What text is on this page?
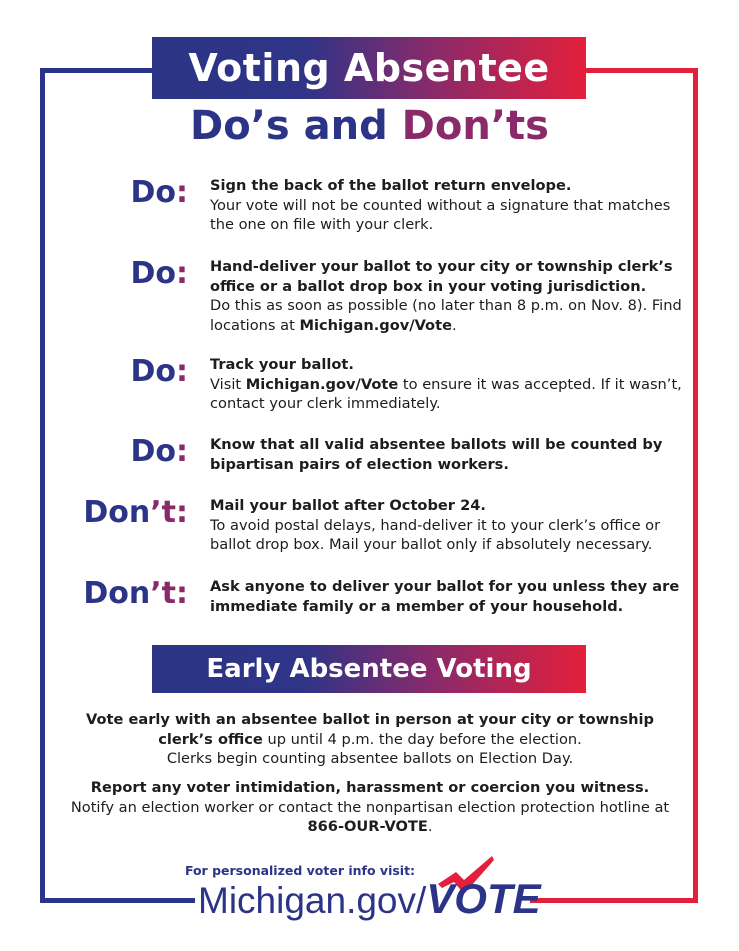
Voting Absentee
Do’s and Don’ts
Do: Sign the back of the ballot return envelope.
Your vote will not be counted without a signature that matches the one on file with your clerk.
Do: Hand-deliver your ballot to your city or township clerk’s office or a ballot drop box in your voting jurisdiction.
Do this as soon as possible (no later than 8 p.m. on Nov. 8). Find locations at Michigan.gov/Vote.
Do: Track your ballot.
Visit Michigan.gov/Vote to ensure it was accepted. If it wasn’t, contact your clerk immediately.
Do: Know that all valid absentee ballots will be counted by bipartisan pairs of election workers.
Don’t: Mail your ballot after October 24.
To avoid postal delays, hand-deliver it to your clerk’s office or ballot drop box. Mail your ballot only if absolutely necessary.
Don’t: Ask anyone to deliver your ballot for you unless they are immediate family or a member of your household.
Early Absentee Voting
Vote early with an absentee ballot in person at your city or township clerk’s office up until 4 p.m. the day before the election.
Clerks begin counting absentee ballots on Election Day.
Report any voter intimidation, harassment or coercion you witness.
Notify an election worker or contact the nonpartisan election protection hotline at 866-OUR-VOTE.
For personalized voter info visit:
Michigan.gov/ VOTE
